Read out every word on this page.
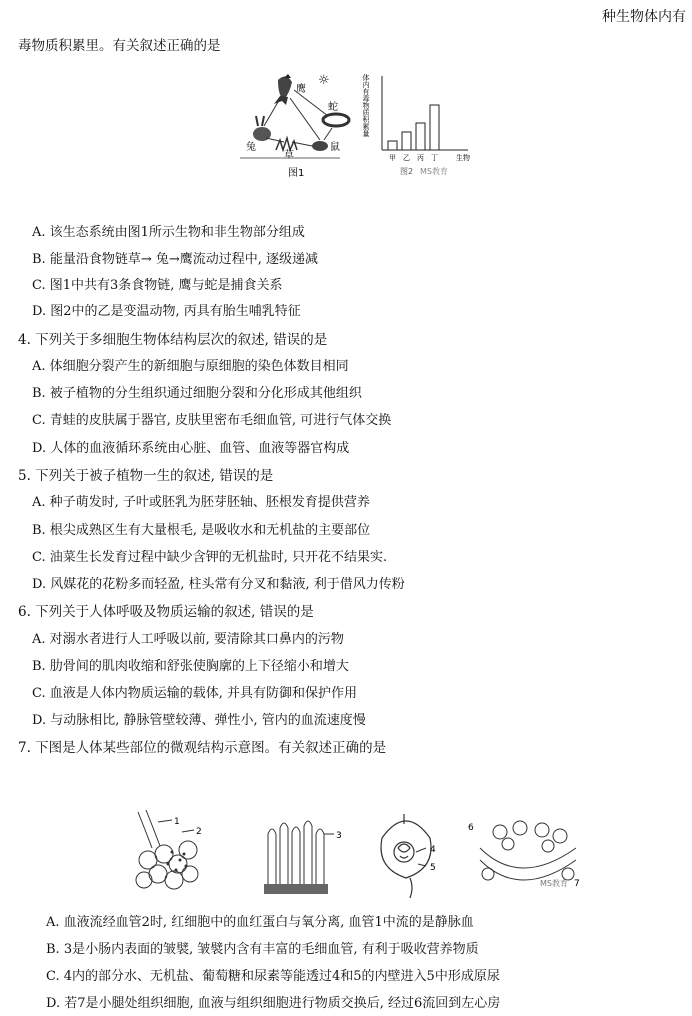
种生物体内有
毒物质积累里。有关叙述正确的是
鹰
☼
蛇
鼠
兔
草
图1
体内有毒物质积累量
甲 乙 丙 丁	生物
图2 MS教育
A. 该生态系统由图1所示生物和非生物部分组成
B. 能量沿食物链草→ 兔→鹰流动过程中, 逐级递减
C. 图1中共有3条食物链, 鹰与蛇是捕食关系
D. 图2中的乙是变温动物, 丙具有胎生哺乳特征
4. 下列关于多细胞生物体结构层次的叙述, 错误的是
A. 体细胞分裂产生的新细胞与原细胞的染色体数目相同
B. 被子植物的分生组织通过细胞分裂和分化形成其他组织
C. 青蛙的皮肤属于器官, 皮肤里密布毛细血管, 可进行气体交换
D. 人体的血液循环系统由心脏、血管、血液等器官构成
5. 下列关于被子植物一生的叙述, 错误的是
A. 种子萌发时, 子叶或胚乳为胚芽胚轴、胚根发育提供营养
B. 根尖成熟区生有大量根毛, 是吸收水和无机盐的主要部位
C. 油菜生长发育过程中缺少含钾的无机盐时, 只开花不结果实.
D. 风媒花的花粉多而轻盈, 柱头常有分叉和黏液, 利于借风力传粉
6. 下列关于人体呼吸及物质运输的叙述, 错误的是
A. 对溺水者进行人工呼吸以前, 要清除其口鼻内的污物
B. 肋骨间的肌肉收缩和舒张使胸廓的上下径缩小和增大
C. 血液是人体内物质运输的载体, 并具有防御和保护作用
D. 与动脉相比, 静脉管壁较薄、弹性小, 管内的血流速度慢
7. 下图是人体某些部位的微观结构示意图。有关叙述正确的是
1
2	3
4
5
6
MS教育 7
A. 血液流经血管2时, 红细胞中的血红蛋白与氧分离, 血管1中流的是静脉血
B. 3是小肠内表面的皱襞, 皱襞内含有丰富的毛细血管, 有利于吸收营养物质
C. 4内的部分水、无机盐、葡萄糖和尿素等能透过4和5的内壁进入5中形成原尿
D. 若7是小腿处组织细胞, 血液与组织细胞进行物质交换后, 经过6流回到左心房
